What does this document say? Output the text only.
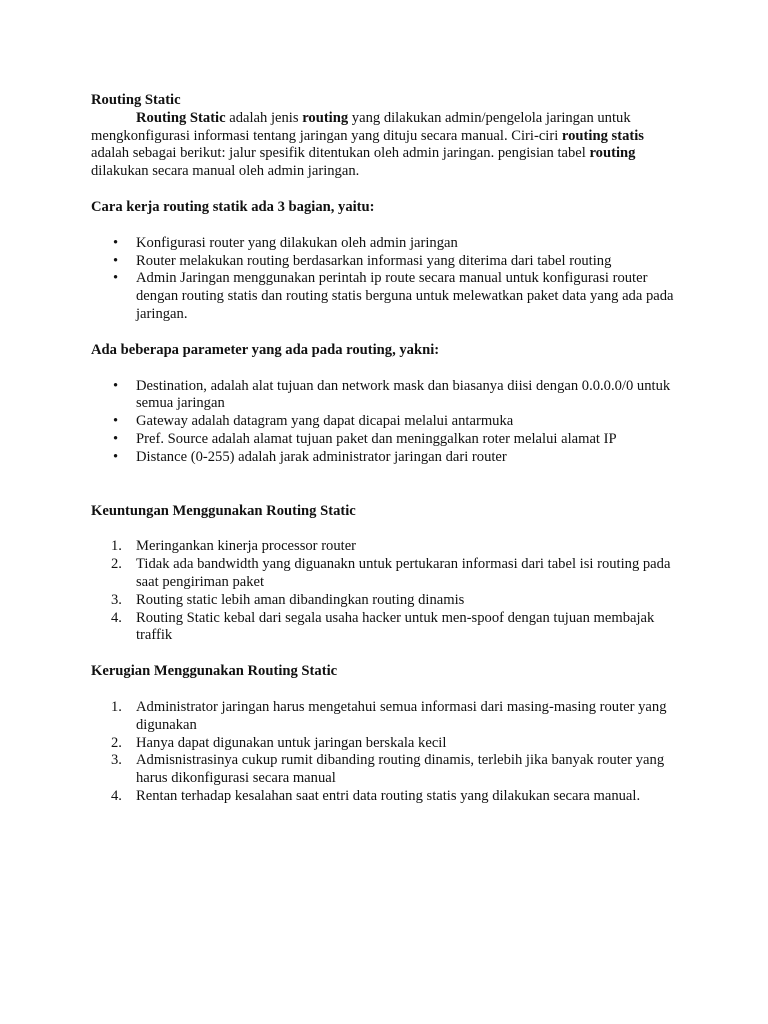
Routing Static

Routing Static adalah jenis routing yang dilakukan admin/pengelola jaringan untuk mengkonfigurasi informasi tentang jaringan yang dituju secara manual. Ciri-ciri routing statis adalah sebagai berikut: jalur spesifik ditentukan oleh admin jaringan. pengisian tabel routing dilakukan secara manual oleh admin jaringan.

Cara kerja routing statik ada 3 bagian, yaitu:

• Konfigurasi router yang dilakukan oleh admin jaringan
• Router melakukan routing berdasarkan informasi yang diterima dari tabel routing
• Admin Jaringan menggunakan perintah ip route secara manual untuk konfigurasi router dengan routing statis dan routing statis berguna untuk melewatkan paket data yang ada pada jaringan.

Ada beberapa parameter yang ada pada routing, yakni:

• Destination, adalah alat tujuan dan network mask dan biasanya diisi dengan 0.0.0.0/0 untuk semua jaringan
• Gateway adalah datagram yang dapat dicapai melalui antarmuka
• Pref. Source adalah alamat tujuan paket dan meninggalkan roter melalui alamat IP
• Distance (0-255) adalah jarak administrator jaringan dari router

Keuntungan Menggunakan Routing Static

1. Meringankan kinerja processor router
2. Tidak ada bandwidth yang diguanakn untuk pertukaran informasi dari tabel isi routing pada saat pengiriman paket
3. Routing static lebih aman dibandingkan routing dinamis
4. Routing Static kebal dari segala usaha hacker untuk men-spoof dengan tujuan membajak traffik

Kerugian Menggunakan Routing Static

1. Administrator jaringan harus mengetahui semua informasi dari masing-masing router yang digunakan
2. Hanya dapat digunakan untuk jaringan berskala kecil
3. Admisnistrasinya cukup rumit dibanding routing dinamis, terlebih jika banyak router yang harus dikonfigurasi secara manual
4. Rentan terhadap kesalahan saat entri data routing statis yang dilakukan secara manual.
